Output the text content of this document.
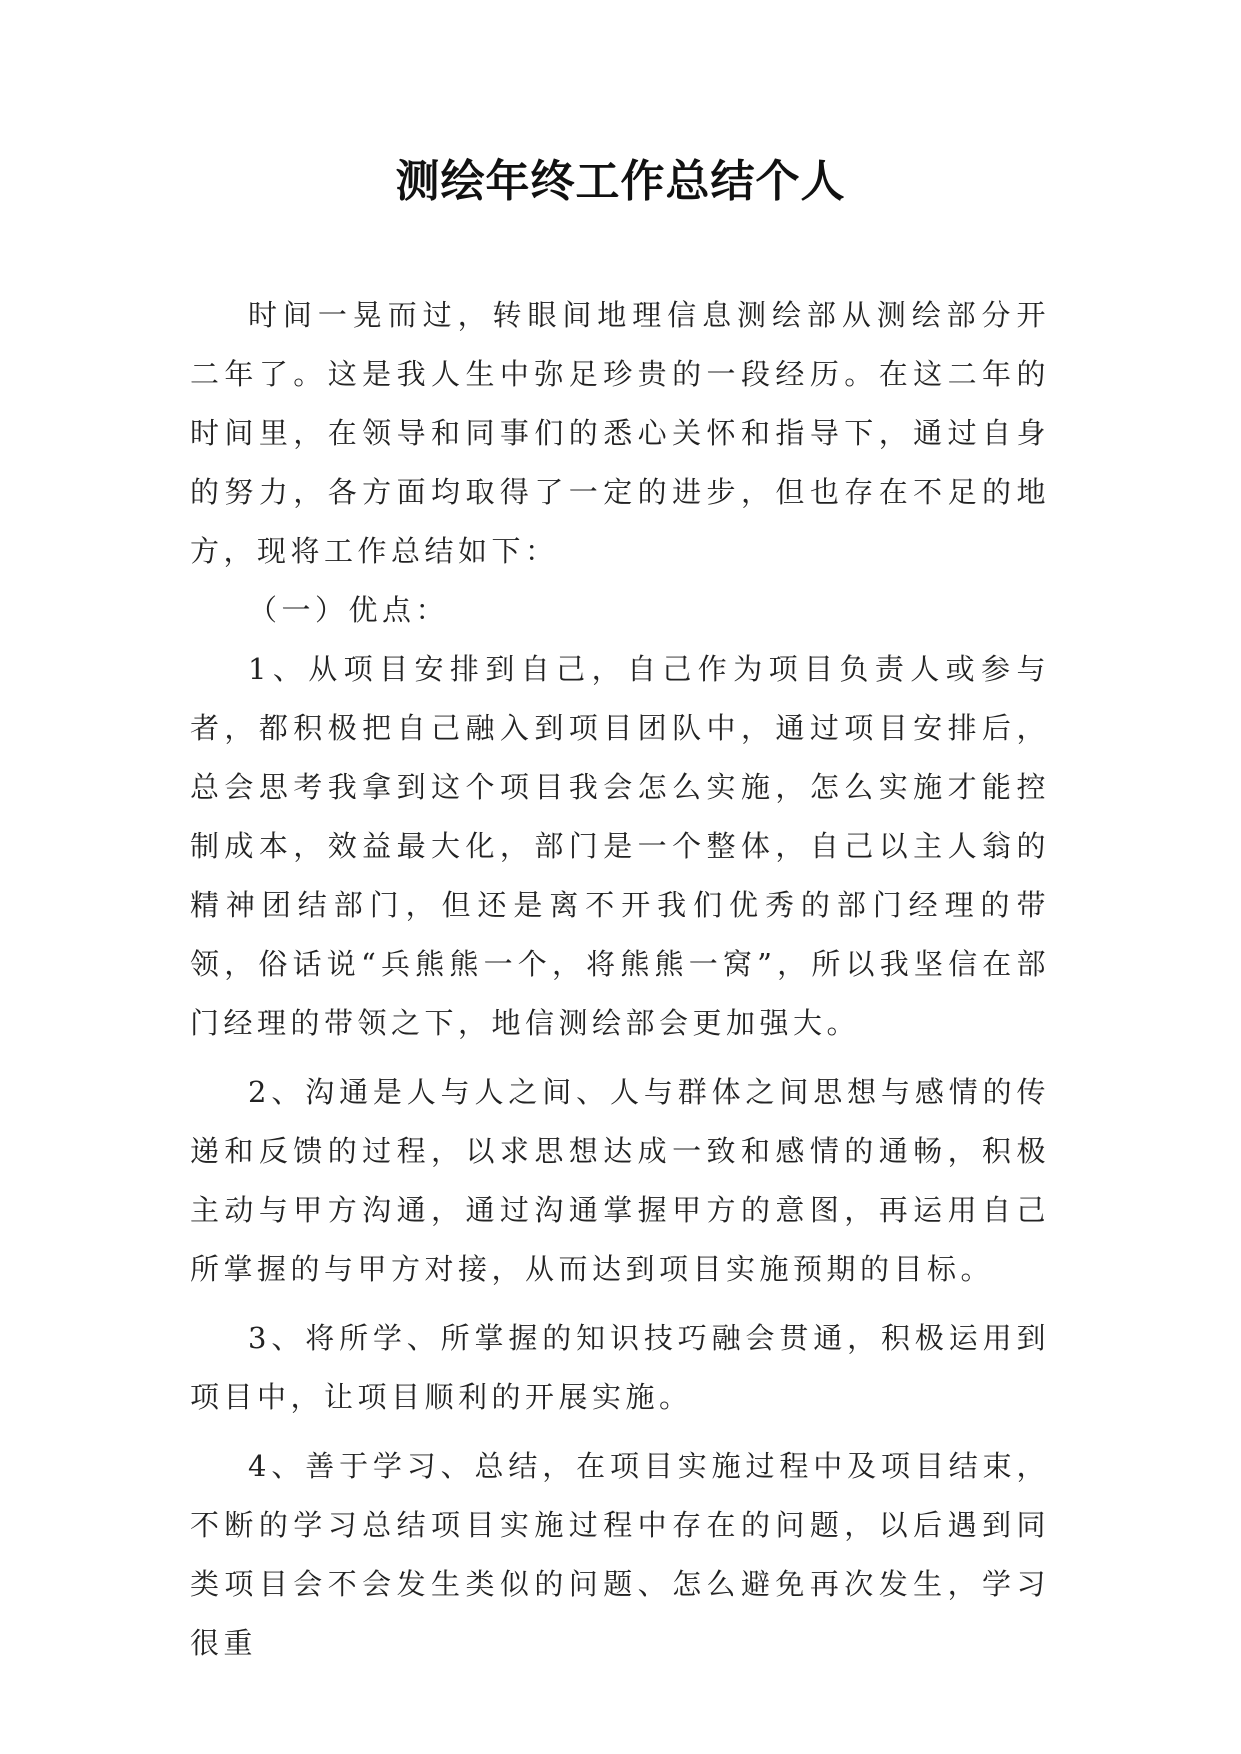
测绘年终工作总结个人

时间一晃而过，转眼间地理信息测绘部从测绘部分开二年了。这是我人生中弥足珍贵的一段经历。在这二年的时间里，在领导和同事们的悉心关怀和指导下，通过自身的努力，各方面均取得了一定的进步，但也存在不足的地方，现将工作总结如下：

（一）优点：

1、从项目安排到自己，自己作为项目负责人或参与者，都积极把自己融入到项目团队中，通过项目安排后，总会思考我拿到这个项目我会怎么实施，怎么实施才能控制成本，效益最大化，部门是一个整体，自己以主人翁的精神团结部门，但还是离不开我们优秀的部门经理的带领，俗话说“兵熊熊一个，将熊熊一窝”，所以我坚信在部门经理的带领之下，地信测绘部会更加强大。

2、沟通是人与人之间、人与群体之间思想与感情的传递和反馈的过程，以求思想达成一致和感情的通畅，积极主动与甲方沟通，通过沟通掌握甲方的意图，再运用自己所掌握的与甲方对接，从而达到项目实施预期的目标。

3、将所学、所掌握的知识技巧融会贯通，积极运用到项目中，让项目顺利的开展实施。

4、善于学习、总结，在项目实施过程中及项目结束，不断的学习总结项目实施过程中存在的问题，以后遇到同类项目会不会发生类似的问题、怎么避免再次发生，学习很重
